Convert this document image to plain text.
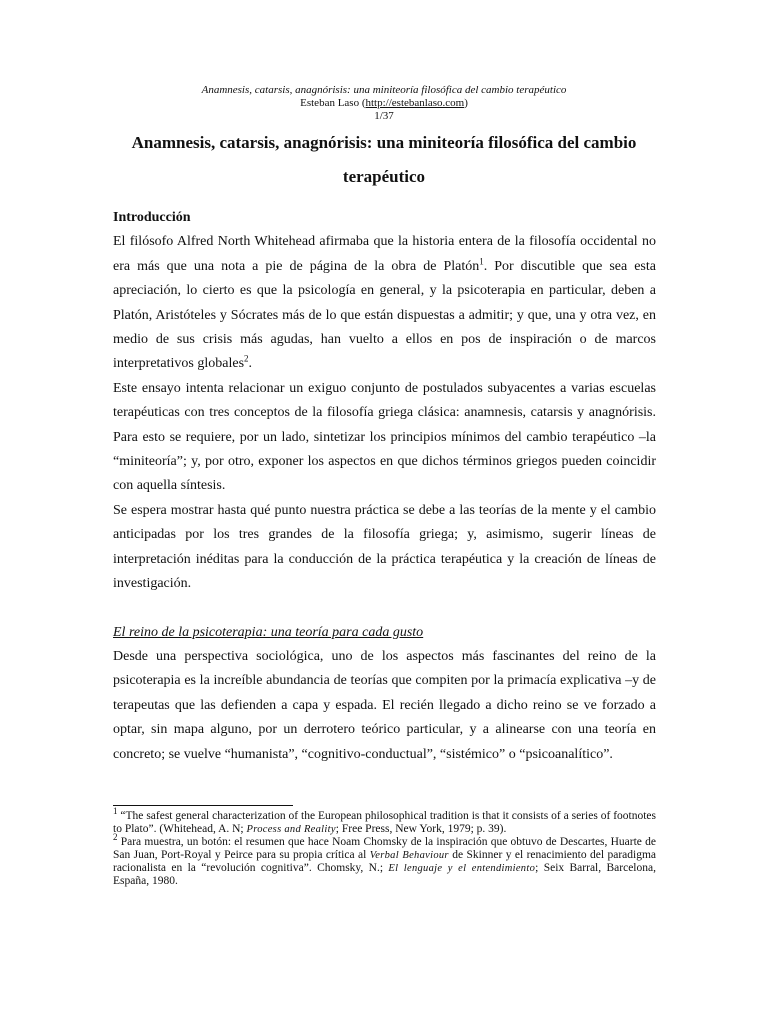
Anamnesis, catarsis, anagnórisis: una miniteoría filosófica del cambio terapéutico
Esteban Laso (http://estebanlaso.com)
1/37
Anamnesis, catarsis, anagnórisis: una miniteoría filosófica del cambio terapéutico
Introducción

El filósofo Alfred North Whitehead afirmaba que la historia entera de la filosofía occidental no era más que una nota a pie de página de la obra de Platón$^1$. Por discutible que sea esta apreciación, lo cierto es que la psicología en general, y la psicoterapia en particular, deben a Platón, Aristóteles y Sócrates más de lo que están dispuestas a admitir; y que, una y otra vez, en medio de sus crisis más agudas, han vuelto a ellos en pos de inspiración o de marcos interpretativos globales$^2$.

Este ensayo intenta relacionar un exiguo conjunto de postulados subyacentes a varias escuelas terapéuticas con tres conceptos de la filosofía griega clásica: anamnesis, catarsis y anagnórisis. Para esto se requiere, por un lado, sintetizar los principios mínimos del cambio terapéutico –la “miniteoría”; y, por otro, exponer los aspectos en que dichos términos griegos pueden coincidir con aquella síntesis.

Se espera mostrar hasta qué punto nuestra práctica se debe a las teorías de la mente y el cambio anticipadas por los tres grandes de la filosofía griega; y, asimismo, sugerir líneas de interpretación inéditas para la conducción de la práctica terapéutica y la creación de líneas de investigación.

El reino de la psicoterapia: una teoría para cada gusto

Desde una perspectiva sociológica, uno de los aspectos más fascinantes del reino de la psicoterapia es la increíble abundancia de teorías que compiten por la primacía explicativa –y de terapeutas que las defienden a capa y espada. El recién llegado a dicho reino se ve forzado a optar, sin mapa alguno, por un derrotero teórico particular, y a alinearse con una teoría en concreto; se vuelve “humanista”, “cognitivo-conductual”, “sistémico” o “psicoanalítico”.

$^1$ “The safest general characterization of the European philosophical tradition is that it consists of a series of footnotes to Plato”. (Whitehead, A. N; Process and Reality; Free Press, New York, 1979; p. 39).

$^2$ Para muestra, un botón: el resumen que hace Noam Chomsky de la inspiración que obtuvo de Descartes, Huarte de San Juan, Port-Royal y Peirce para su propia crítica al Verbal Behaviour de Skinner y el renacimiento del paradigma racionalista en la “revolución cognitiva”. Chomsky, N.; El lenguaje y el entendimiento; Seix Barral, Barcelona, España, 1980.
